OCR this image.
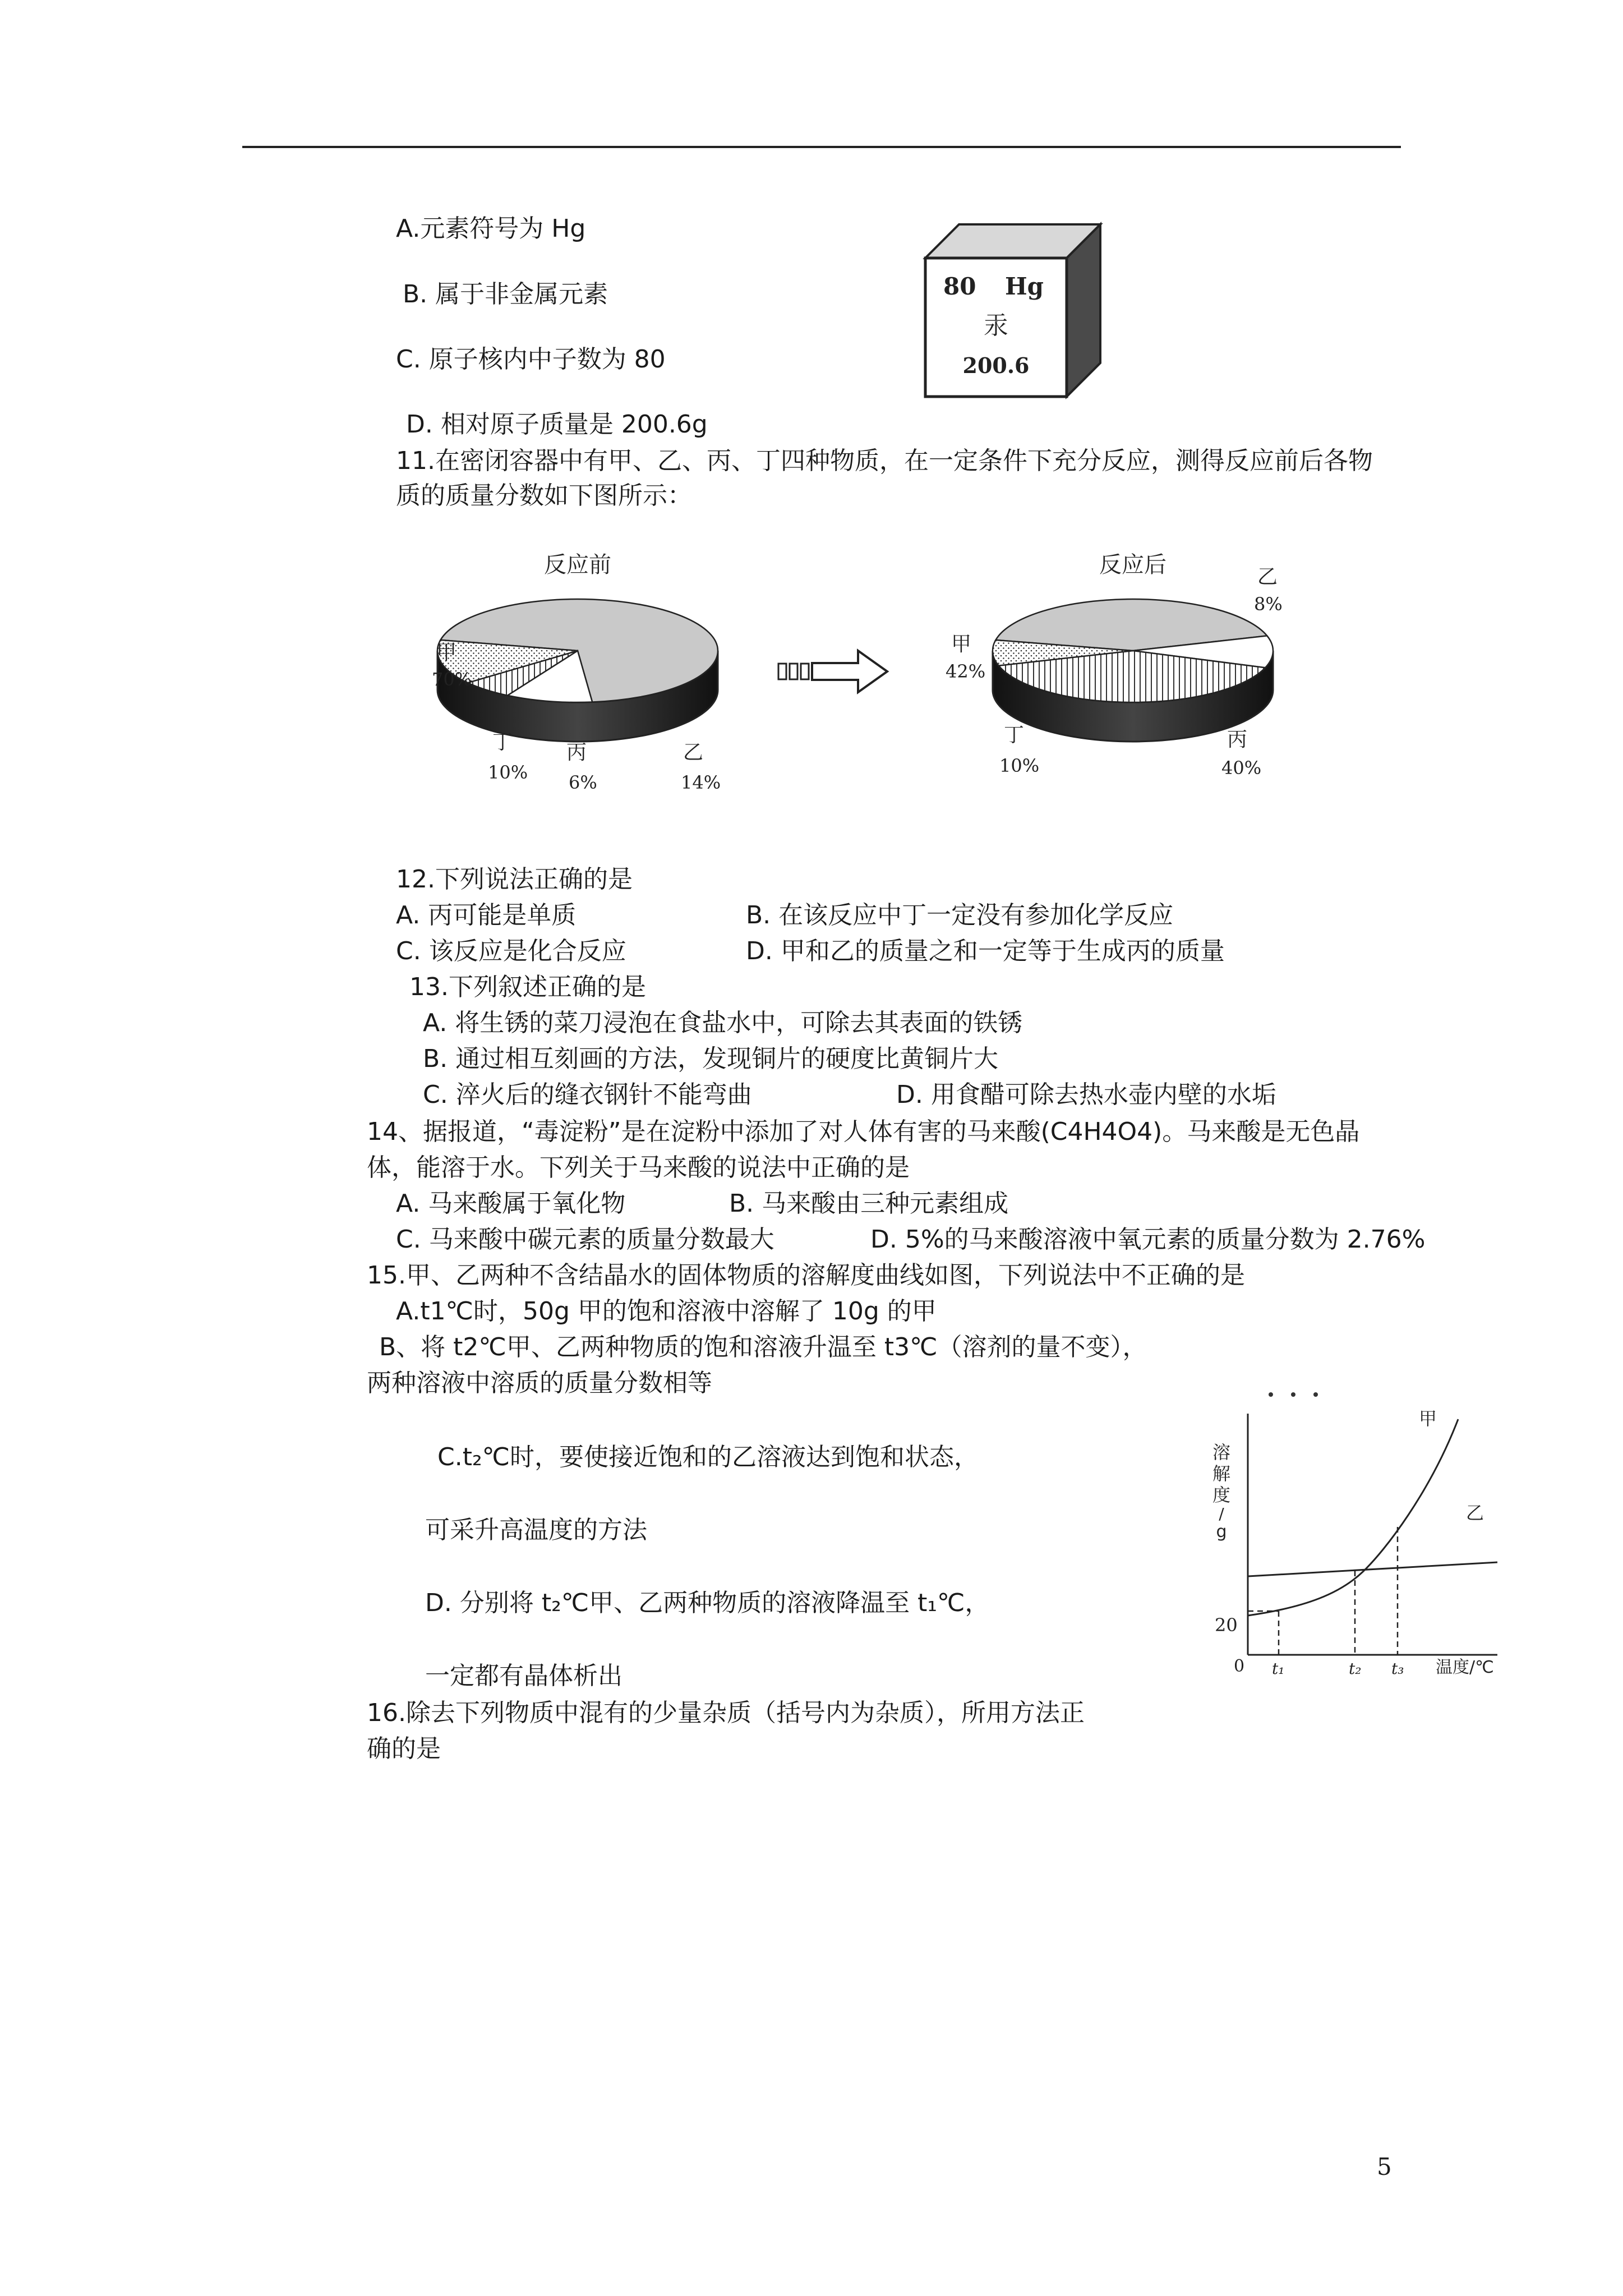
A.元素符号为 Hg
B. 属于非金属元素
C. 原子核内中子数为 80
D. 相对原子质量是 200.6g
80 Hg
汞
200.6
11.在密闭容器中有甲、乙、丙、丁四种物质，在一定条件下充分反应，测得反应前后各物
质的质量分数如下图所示：
反应前	反应后
甲
70%
丁
10%
丙
6%
乙
14%
乙
8%
甲
42%
丁
10%
丙
40%
12.下列说法正确的是
A. 丙可能是单质	B. 在该反应中丁一定没有参加化学反应
C. 该反应是化合反应	D. 甲和乙的质量之和一定等于生成丙的质量
13.下列叙述正确的是
A. 将生锈的菜刀浸泡在食盐水中，可除去其表面的铁锈
B. 通过相互刻画的方法，发现铜片的硬度比黄铜片大
C. 淬火后的缝衣钢针不能弯曲	D. 用食醋可除去热水壶内壁的水垢
14、据报道，“毒淀粉”是在淀粉中添加了对人体有害的马来酸(C4H4O4)。马来酸是无色晶
体，能溶于水。下列关于马来酸的说法中正确的是
A. 马来酸属于氧化物	B. 马来酸由三种元素组成
C. 马来酸中碳元素的质量分数最大	D. 5%的马来酸溶液中氧元素的质量分数为 2.76%
15.甲、乙两种不含结晶水的固体物质的溶解度曲线如图，下列说法中不正确的是
A.t1℃时，50g 甲的饱和溶液中溶解了 10g 的甲
B、将 t2℃甲、乙两种物质的饱和溶液升温至 t3℃（溶剂的量不变），
两种溶液中溶质的质量分数相等
C.t₂℃时，要使接近饱和的乙溶液达到饱和状态，
可采升高温度的方法
D. 分别将 t₂℃甲、乙两种物质的溶液降温至 t₁℃，
一定都有晶体析出
溶
解
度
/
g
20
0 t₁	t₂ t₃ 温度/℃
甲
乙
16.除去下列物质中混有的少量杂质（括号内为杂质），所用方法正
确的是
5
